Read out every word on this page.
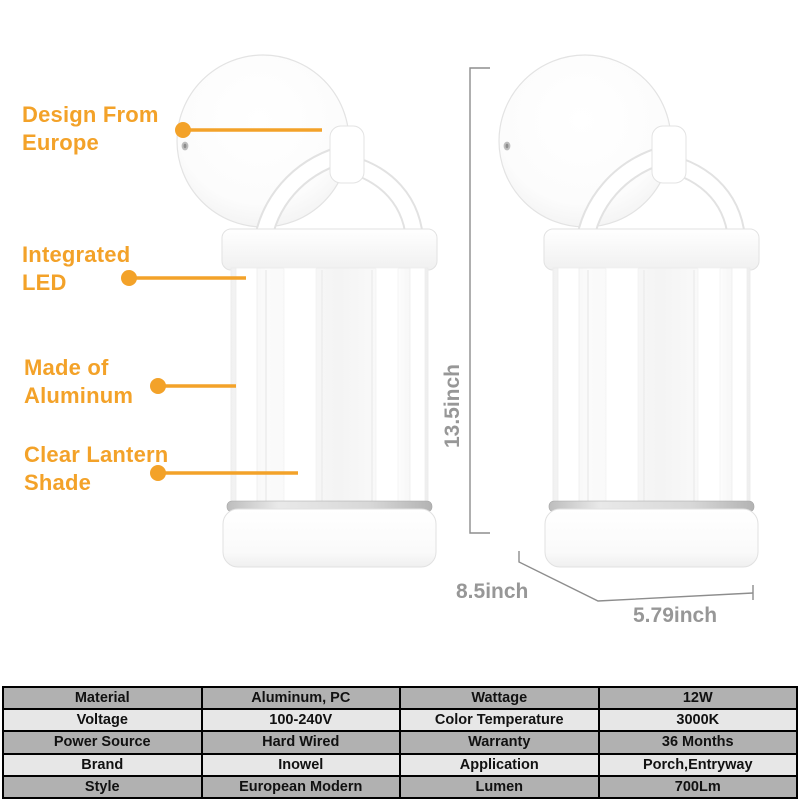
Design From
Europe
Integrated
LED
Made of
Aluminum
Clear Lantern
Shade
13.5inch
8.5inch
5.79inch
Material	Aluminum, PC	Wattage	12W
Voltage	100-240V	Color Temperature	3000K
Power Source	Hard Wired	Warranty	36 Months
Brand	Inowel	Application	Porch,Entryway
Style	European Modern	Lumen	700Lm
